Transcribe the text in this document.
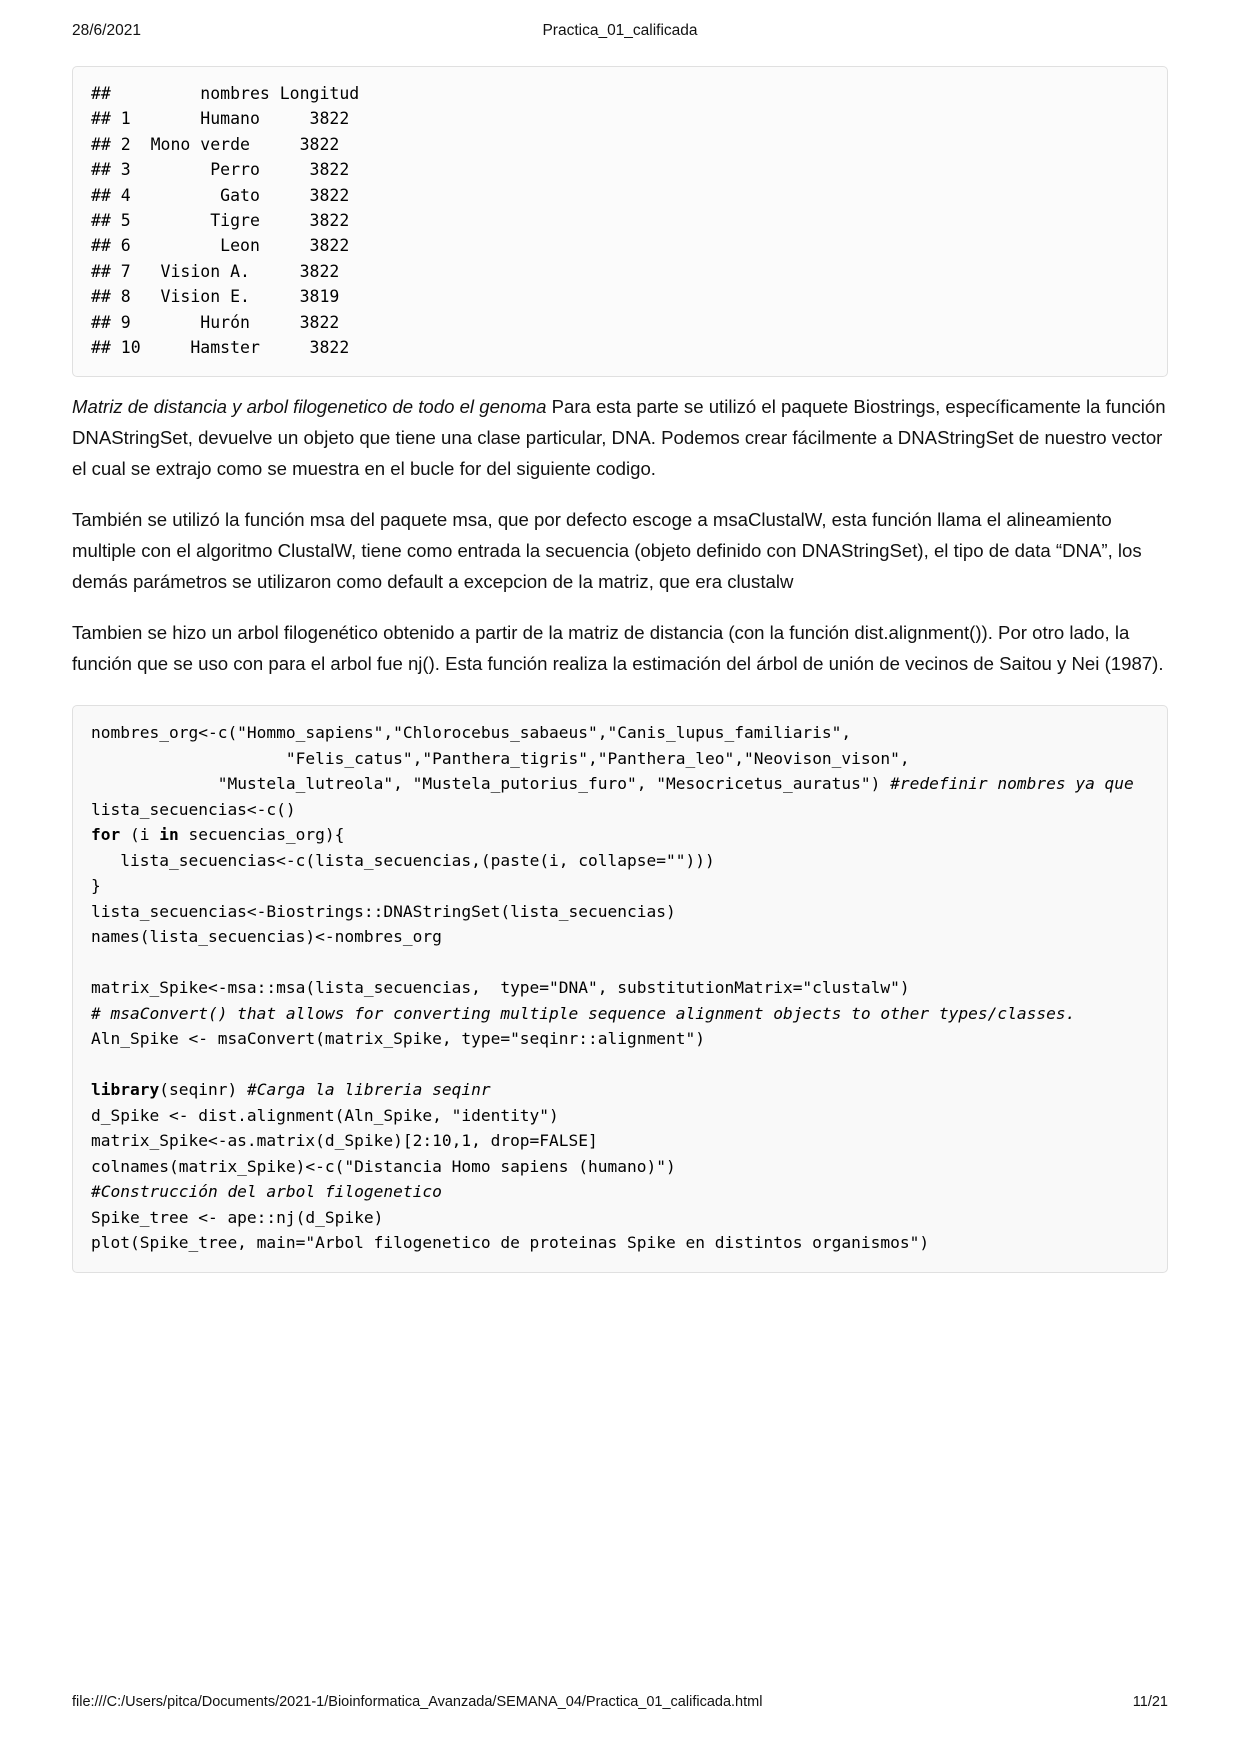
28/6/2021	Practica_01_calificada
##         nombres Longitud
## 1       Humano     3822
## 2  Mono verde     3822
## 3        Perro     3822
## 4         Gato     3822
## 5        Tigre     3822
## 6         Leon     3822
## 7   Vision A.     3822
## 8   Vision E.     3819
## 9       Hurón     3822
## 10     Hamster     3822

Matriz de distancia y arbol filogenetico de todo el genoma Para esta parte se utilizó el paquete Biostrings, específicamente la función DNAStringSet, devuelve un objeto que tiene una clase particular, DNA. Podemos crear fácilmente a DNAStringSet de nuestro vector el cual se extrajo como se muestra en el bucle for del siguiente codigo.

También se utilizó la función msa del paquete msa, que por defecto escoge a msaClustalW, esta función llama el alineamiento multiple con el algoritmo ClustalW, tiene como entrada la secuencia (objeto definido con DNAStringSet), el tipo de data “DNA”, los demás parámetros se utilizaron como default a excepcion de la matriz, que era clustalw

Tambien se hizo un arbol filogenético obtenido a partir de la matriz de distancia (con la función dist.alignment()). Por otro lado, la función que se uso con para el arbol fue nj(). Esta función realiza la estimación del árbol de unión de vecinos de Saitou y Nei (1987).

nombres_org<-c("Hommo_sapiens","Chlorocebus_sabaeus","Canis_lupus_familiaris",
"Felis_catus","Panthera_tigris","Panthera_leo","Neovison_vison",
"Mustela_lutreola", "Mustela_putorius_furo", "Mesocricetus_auratus") #redefinir nombres ya que
lista_secuencias<-c()
for (i in secuencias_org){
lista_secuencias<-c(lista_secuencias,(paste(i, collapse="")))
}
lista_secuencias<-Biostrings::DNAStringSet(lista_secuencias)
names(lista_secuencias)<-nombres_org

matrix_Spike<-msa::msa(lista_secuencias,  type="DNA", substitutionMatrix="clustalw")
# msaConvert() that allows for converting multiple sequence alignment objects to other types/classes.
Aln_Spike <- msaConvert(matrix_Spike, type="seqinr::alignment")

library(seqinr) #Carga la libreria seqinr
d_Spike <- dist.alignment(Aln_Spike, "identity")
matrix_Spike<-as.matrix(d_Spike)[2:10,1, drop=FALSE]
colnames(matrix_Spike)<-c("Distancia Homo sapiens (humano)")
#Construcción del arbol filogenetico
Spike_tree <- ape::nj(d_Spike)
plot(Spike_tree, main="Arbol filogenetico de proteinas Spike en distintos organismos")
file:///C:/Users/pitca/Documents/2021-1/Bioinformatica_Avanzada/SEMANA_04/Practica_01_calificada.html	11/21
